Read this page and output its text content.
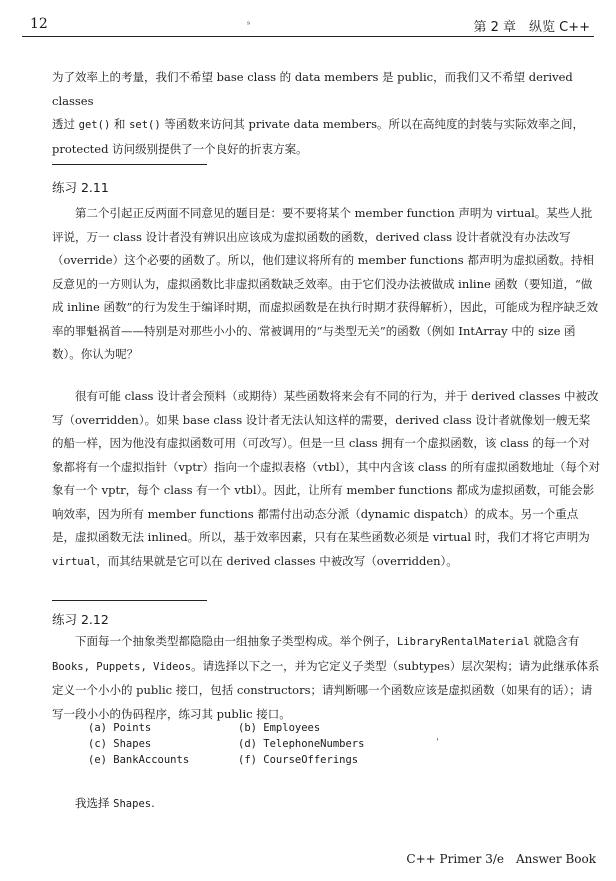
12	第 2 章　纵览 C++
ˢ

为了效率上的考量，我们不希望 base class 的 data members 是 public，而我们又不希望 derived classes

透过 get() 和 set() 等函数来访问其 private data members。所以在高纯度的封装与实际效率之间，

protected 访问级别提供了一个良好的折衷方案。

练习 2.11

第二个引起正反两面不同意见的题目是：要不要将某个 member function 声明为 virtual。某些人批评说，万一 class 设计者没有辨识出应该成为虚拟函数的函数，derived class 设计者就没有办法改写（override）这个必要的函数了。所以，他们建议将所有的 member functions 都声明为虚拟函数。持相反意见的一方则认为，虚拟函数比非虚拟函数缺乏效率。由于它们没办法被做成 inline 函数（要知道，“做成 inline 函数”的行为发生于编译时期，而虚拟函数是在执行时期才获得解析），因此，可能成为程序缺乏效率的罪魁祸首——特别是对那些小小的、常被调用的“与类型无关”的函数（例如 IntArray 中的 size 函数）。你认为呢？

很有可能 class 设计者会预料（或期待）某些函数将来会有不同的行为，并于 derived classes 中被改写（overridden）。如果 base class 设计者无法认知这样的需要，derived class 设计者就像划一艘无桨的船一样，因为他没有虚拟函数可用（可改写）。但是一旦 class 拥有一个虚拟函数，该 class 的每一个对象都将有一个虚拟指针（vptr）指向一个虚拟表格（vtbl），其中内含该 class 的所有虚拟函数地址（每个对象有一个 vptr，每个 class 有一个 vtbl）。因此，让所有 member functions 都成为虚拟函数，可能会影响效率，因为所有 member functions 都需付出动态分派（dynamic dispatch）的成本。另一个重点是，虚拟函数无法 inlined。所以，基于效率因素，只有在某些函数必须是 virtual 时，我们才将它声明为 virtual，而其结果就是它可以在 derived classes 中被改写（overridden）。

练习 2.12

下面每一个抽象类型都隐隐由一组抽象子类型构成。举个例子，LibraryRentalMaterial 就隐含有 Books, Puppets, Videos。请选择以下之一，并为它定义子类型（subtypes）层次架构；请为此继承体系定义一个小小的 public 接口，包括 constructors；请判断哪一个函数应该是虚拟函数（如果有的话）；请写一段小小的伪码程序，练习其 public 接口。

(a) Points	(b) Employees
(c) Shapes	(d) TelephoneNumbers
(e) BankAccounts	(f) CourseOfferings
ˈ

我选择 Shapes.

C++ Primer 3/e　Answer Book
